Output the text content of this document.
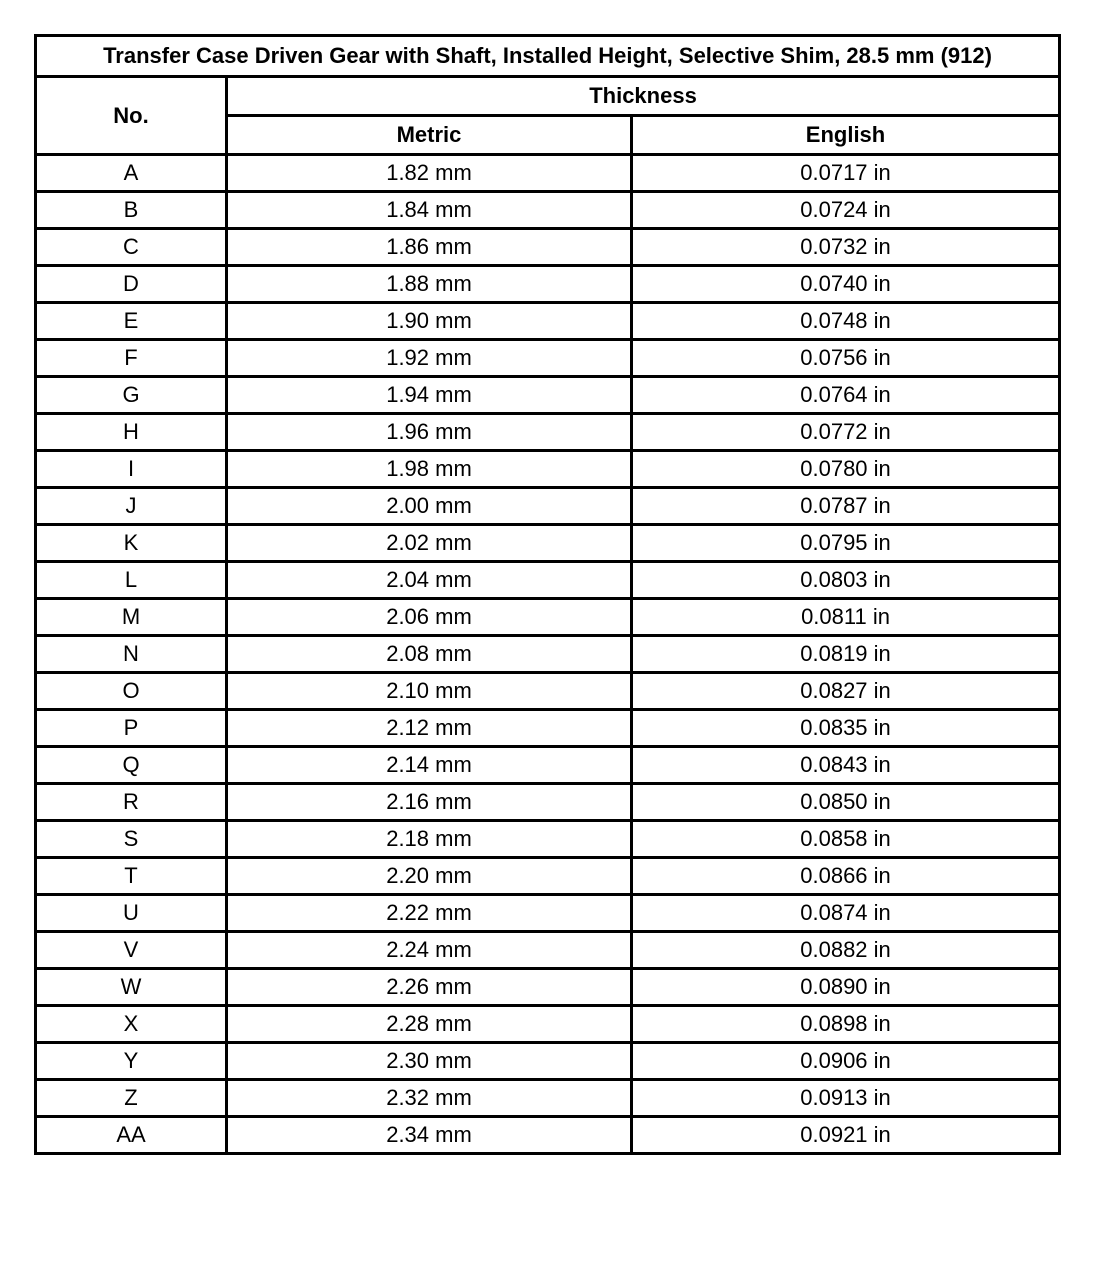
Transfer Case Driven Gear with Shaft, Installed Height, Selective Shim, 28.5 mm (912)		
No.	Thickness	
	Metric	English
A	1.82 mm	0.0717 in
B	1.84 mm	0.0724 in
C	1.86 mm	0.0732 in
D	1.88 mm	0.0740 in
E	1.90 mm	0.0748 in
F	1.92 mm	0.0756 in
G	1.94 mm	0.0764 in
H	1.96 mm	0.0772 in
I	1.98 mm	0.0780 in
J	2.00 mm	0.0787 in
K	2.02 mm	0.0795 in
L	2.04 mm	0.0803 in
M	2.06 mm	0.0811 in
N	2.08 mm	0.0819 in
O	2.10 mm	0.0827 in
P	2.12 mm	0.0835 in
Q	2.14 mm	0.0843 in
R	2.16 mm	0.0850 in
S	2.18 mm	0.0858 in
T	2.20 mm	0.0866 in
U	2.22 mm	0.0874 in
V	2.24 mm	0.0882 in
W	2.26 mm	0.0890 in
X	2.28 mm	0.0898 in
Y	2.30 mm	0.0906 in
Z	2.32 mm	0.0913 in
AA	2.34 mm	0.0921 in
